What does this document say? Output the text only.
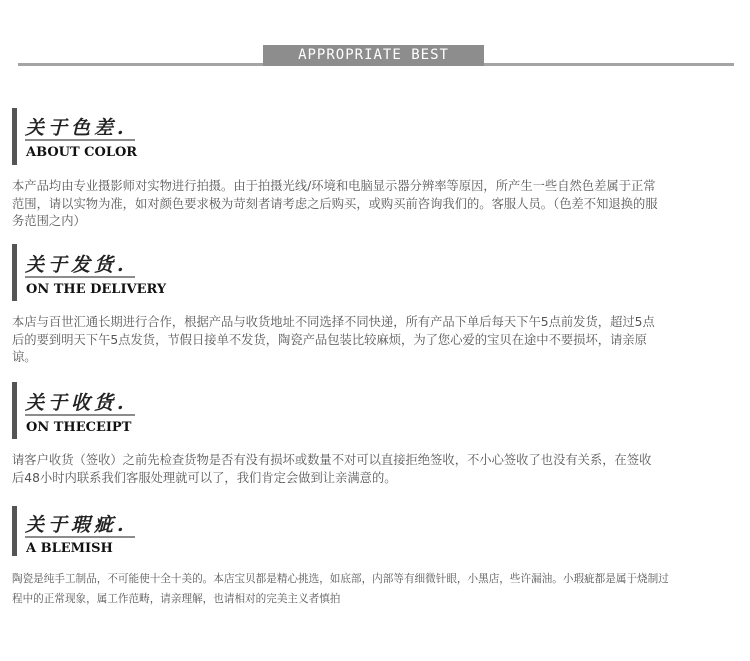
APPROPRIATE BEST
关于色差.
ABOUT COLOR
本产品均由专业摄影师对实物进行拍摄。由于拍摄光线/环境和电脑显示器分辨率等原因，所产生一些自然色差属于正常范围，请以实物为准，如对颜色要求极为苛刻者请考虑之后购买，或购买前咨询我们的。客服人员。（色差不知退换的服务范围之内）
关于发货.
ON THE DELIVERY
本店与百世汇通长期进行合作，根据产品与收货地址不同选择不同快递，所有产品下单后每天下午5点前发货，超过5点后的要到明天下午5点发货，节假日接单不发货，陶瓷产品包装比较麻烦，为了您心爱的宝贝在途中不要损坏，请亲原谅。
关于收货.
ON THECEIPT
请客户收货（签收）之前先检查货物是否有没有损坏或数量不对可以直接拒绝签收，不小心签收了也没有关系，在签收后48小时内联系我们客服处理就可以了，我们肯定会做到让亲满意的。
关于瑕疵.
A BLEMISH
陶瓷是纯手工制品，不可能使十全十美的。本店宝贝都是精心挑选，如底部，内部等有细微针眼，小黑店，些许漏油。小瑕疵都是属于烧制过程中的正常现象，属工作范畴，请亲理解，也请相对的完美主义者慎拍
